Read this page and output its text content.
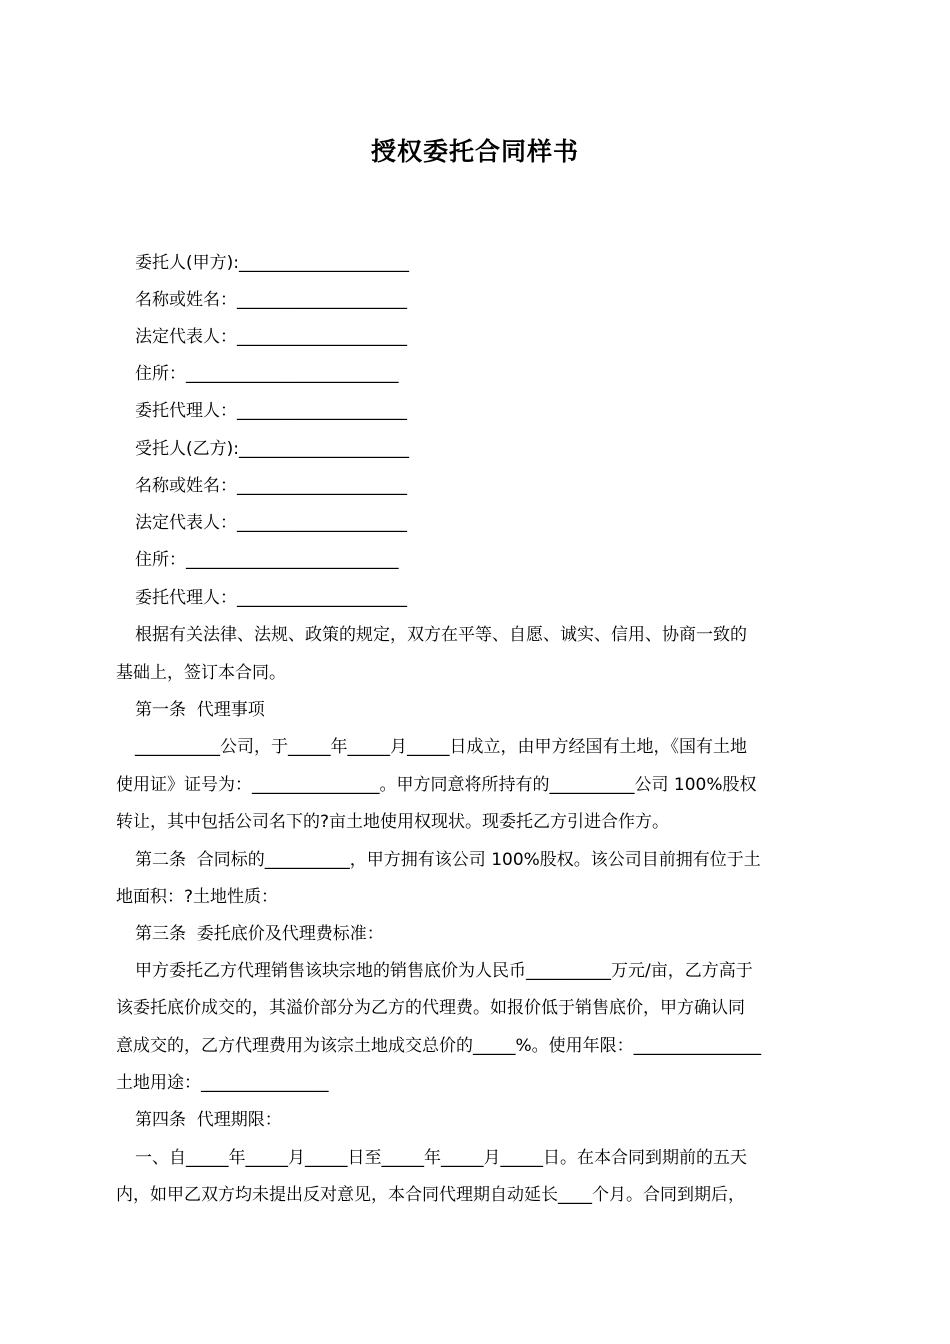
授权委托合同样书
委托人(甲方):____________________
名称或姓名：____________________
法定代表人：____________________
住所：_________________________
委托代理人：____________________
受托人(乙方):____________________
名称或姓名：____________________
法定代表人：____________________
住所：_________________________
委托代理人：____________________
根据有关法律、法规、政策的规定，双方在平等、自愿、诚实、信用、协商一致的
基础上，签订本合同。
第一条  代理事项
__________公司，于_____年_____月_____日成立，由甲方经国有土地，《国有土地
使用证》证号为：_______________。甲方同意将所持有的__________公司 100%股权
转让，其中包括公司名下的?亩土地使用权现状。现委托乙方引进合作方。
第二条  合同标的__________，甲方拥有该公司 100%股权。该公司目前拥有位于土
地面积：?土地性质：
第三条  委托底价及代理费标准：
甲方委托乙方代理销售该块宗地的销售底价为人民币__________万元/亩，乙方高于
该委托底价成交的，其溢价部分为乙方的代理费。如报价低于销售底价，甲方确认同
意成交的，乙方代理费用为该宗土地成交总价的_____%。使用年限：_______________
土地用途：_______________
第四条  代理期限：
一、自_____年_____月_____日至_____年_____月_____日。在本合同到期前的五天
内，如甲乙双方均未提出反对意见，本合同代理期自动延长____个月。合同到期后，
